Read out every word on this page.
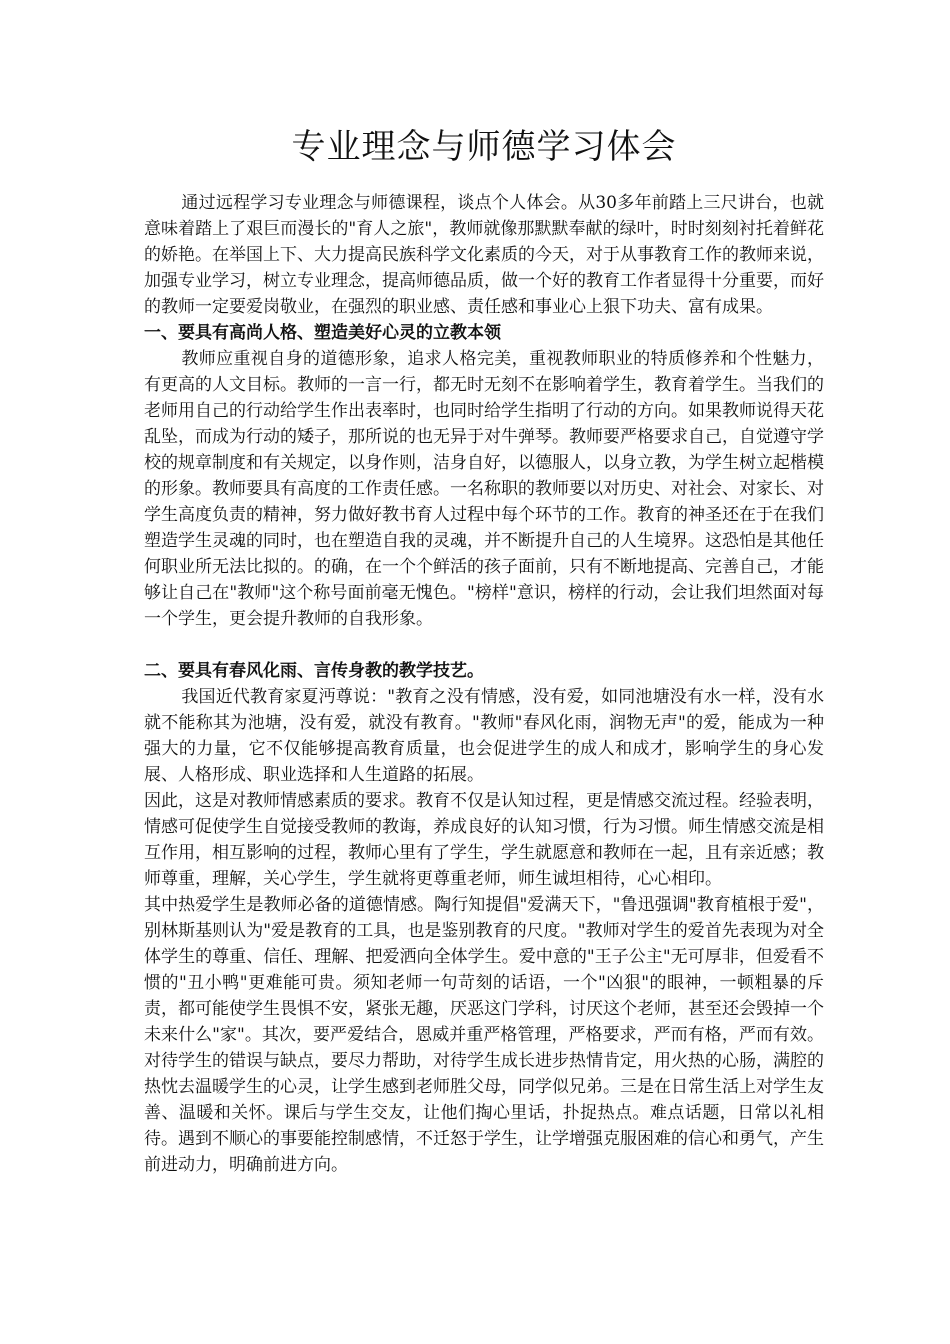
专业理念与师德学习体会

通过远程学习专业理念与师德课程，谈点个人体会。从30多年前踏上三尺讲台，也就意味着踏上了艰巨而漫长的"育人之旅"，教师就像那默默奉献的绿叶，时时刻刻衬托着鲜花的娇艳。在举国上下、大力提高民族科学文化素质的今天，对于从事教育工作的教师来说，加强专业学习，树立专业理念，提高师德品质，做一个好的教育工作者显得十分重要，而好的教师一定要爱岗敬业，在强烈的职业感、责任感和事业心上狠下功夫、富有成果。

一、要具有高尚人格、塑造美好心灵的立教本领

教师应重视自身的道德形象，追求人格完美，重视教师职业的特质修养和个性魅力，有更高的人文目标。教师的一言一行，都无时无刻不在影响着学生，教育着学生。当我们的老师用自己的行动给学生作出表率时，也同时给学生指明了行动的方向。如果教师说得天花乱坠，而成为行动的矮子，那所说的也无异于对牛弹琴。教师要严格要求自己，自觉遵守学校的规章制度和有关规定，以身作则，洁身自好，以德服人，以身立教，为学生树立起楷模的形象。教师要具有高度的工作责任感。一名称职的教师要以对历史、对社会、对家长、对学生高度负责的精神，努力做好教书育人过程中每个环节的工作。教育的神圣还在于在我们塑造学生灵魂的同时，也在塑造自我的灵魂，并不断提升自己的人生境界。这恐怕是其他任何职业所无法比拟的。的确，在一个个鲜活的孩子面前，只有不断地提高、完善自己，才能够让自己在"教师"这个称号面前毫无愧色。"榜样"意识，榜样的行动，会让我们坦然面对每一个学生，更会提升教师的自我形象。

二、要具有春风化雨、言传身教的教学技艺。

我国近代教育家夏沔尊说："教育之没有情感，没有爱，如同池塘没有水一样，没有水就不能称其为池塘，没有爱，就没有教育。"教师"春风化雨，润物无声"的爱，能成为一种强大的力量，它不仅能够提高教育质量，也会促进学生的成人和成才，影响学生的身心发展、人格形成、职业选择和人生道路的拓展。

因此，这是对教师情感素质的要求。教育不仅是认知过程，更是情感交流过程。经验表明，情感可促使学生自觉接受教师的教诲，养成良好的认知习惯，行为习惯。师生情感交流是相互作用，相互影响的过程，教师心里有了学生，学生就愿意和教师在一起，且有亲近感；教师尊重，理解，关心学生，学生就将更尊重老师，师生诚坦相待，心心相印。

其中热爱学生是教师必备的道德情感。陶行知提倡"爱满天下，"鲁迅强调"教育植根于爱"，别林斯基则认为"爱是教育的工具，也是鉴别教育的尺度。"教师对学生的爱首先表现为对全体学生的尊重、信任、理解、把爱洒向全体学生。爱中意的"王子公主"无可厚非，但爱看不惯的"丑小鸭"更难能可贵。须知老师一句苛刻的话语，一个"凶狠"的眼神，一顿粗暴的斥责，都可能使学生畏惧不安，紧张无趣，厌恶这门学科，讨厌这个老师，甚至还会毁掉一个未来什么"家"。其次，要严爱结合，恩威并重严格管理，严格要求，严而有格，严而有效。对待学生的错误与缺点，要尽力帮助，对待学生成长进步热情肯定，用火热的心肠，满腔的热忱去温暖学生的心灵，让学生感到老师胜父母，同学似兄弟。三是在日常生活上对学生友善、温暖和关怀。课后与学生交友，让他们掏心里话，扑捉热点。难点话题，日常以礼相待。遇到不顺心的事要能控制感情，不迁怒于学生，让学增强克服困难的信心和勇气，产生前进动力，明确前进方向。
